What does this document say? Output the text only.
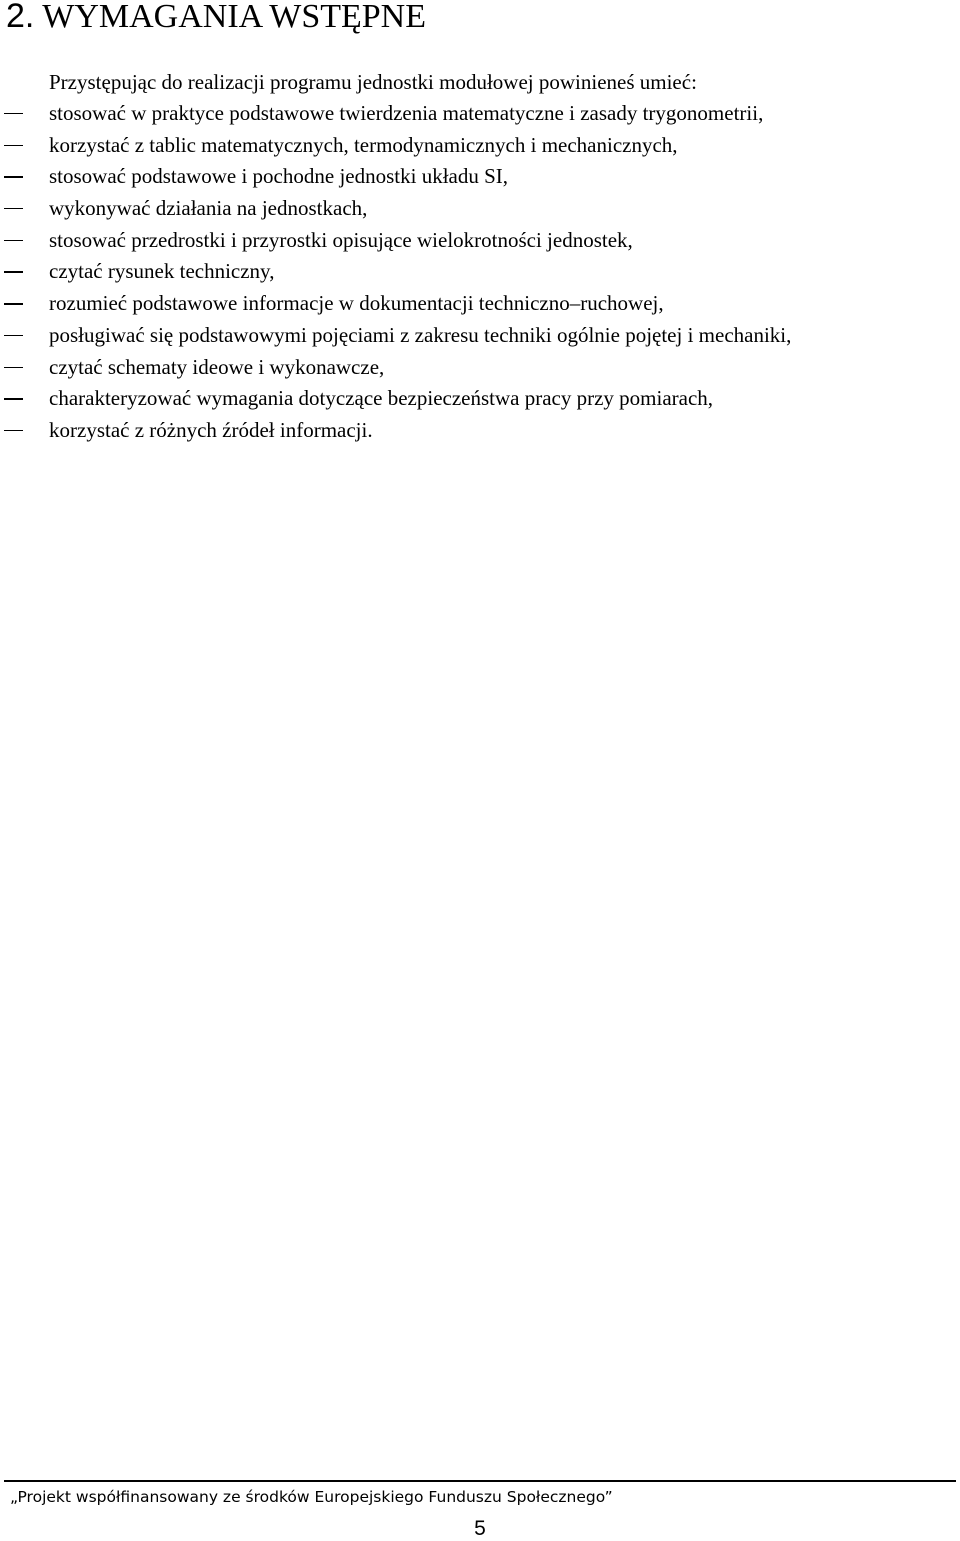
2. WYMAGANIA WSTĘPNE

Przystępując do realizacji programu jednostki modułowej powinieneś umieć:

stosować w praktyce podstawowe twierdzenia matematyczne i zasady trygonometrii,
korzystać z tablic matematycznych, termodynamicznych i mechanicznych,
stosować podstawowe i pochodne jednostki układu SI,
wykonywać działania na jednostkach,
stosować przedrostki i przyrostki opisujące wielokrotności jednostek,
czytać rysunek techniczny,
rozumieć podstawowe informacje w dokumentacji techniczno–ruchowej,
posługiwać się podstawowymi pojęciami z zakresu techniki ogólnie pojętej i mechaniki,
czytać schematy ideowe i wykonawcze,
charakteryzować wymagania dotyczące bezpieczeństwa pracy przy pomiarach,
korzystać z różnych źródeł informacji.

„Projekt współfinansowany ze środków Europejskiego Funduszu Społecznego”

5
